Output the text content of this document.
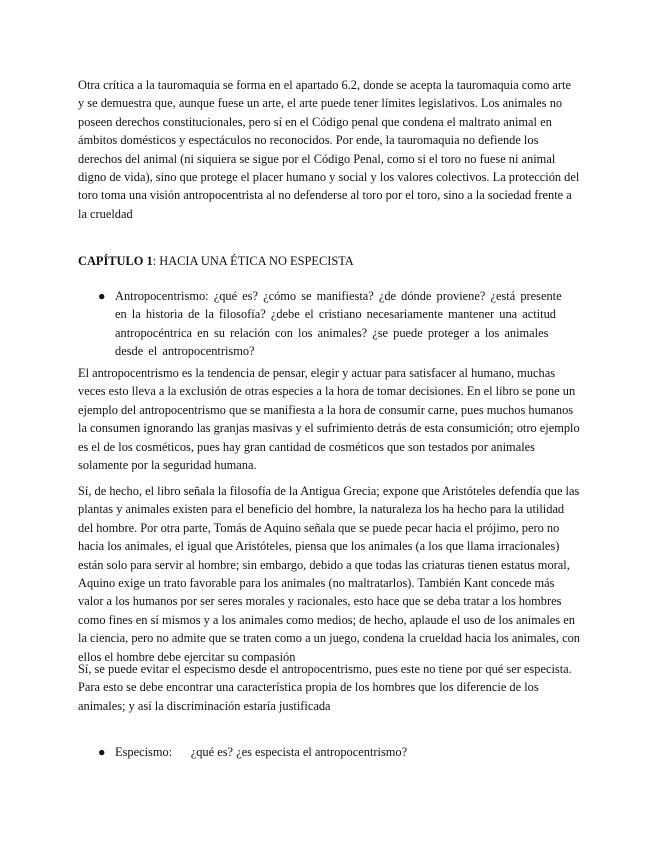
Otra crítica a la tauromaquia se forma en el apartado 6.2, donde se acepta la tauromaquia como arte y se demuestra que, aunque fuese un arte, el arte puede tener límites legislativos. Los animales no poseen derechos constitucionales, pero sí en el Código penal que condena el maltrato animal en ámbitos domésticos y espectáculos no reconocidos. Por ende, la tauromaquia no defiende los derechos del animal (ni siquiera se sigue por el Código Penal, como si el toro no fuese ni animal digno de vida), sino que protege el placer humano y social y los valores colectivos. La protección del toro toma una visión antropocentrista al no defenderse al toro por el toro, sino a la sociedad frente a la crueldad

CAPÍTULO 1: HACIA UNA ÉTICA NO ESPECISTA
● Antropocentrismo: ¿qué es? ¿cómo se manifiesta? ¿de dónde proviene? ¿está presente en la historia de la filosofía? ¿debe el cristiano necesariamente mantener una actitud antropocéntrica en su relación con los animales? ¿se puede proteger a los animales desde el antropocentrismo?

El antropocentrismo es la tendencia de pensar, elegir y actuar para satisfacer al humano, muchas veces esto lleva a la exclusión de otras especies a la hora de tomar decisiones. En el libro se pone un ejemplo del antropocentrismo que se manifiesta a la hora de consumir carne, pues muchos humanos la consumen ignorando las granjas masivas y el sufrimiento detrás de esta consumición; otro ejemplo es el de los cosméticos, pues hay gran cantidad de cosméticos que son testados por animales solamente por la seguridad humana.

Sí, de hecho, el libro señala la filosofía de la Antigua Grecia; expone que Aristóteles defendía que las plantas y animales existen para el beneficio del hombre, la naturaleza los ha hecho para la utilidad del hombre. Por otra parte, Tomás de Aquino señala que se puede pecar hacia el prójimo, pero no hacia los animales, el igual que Aristóteles, piensa que los animales (a los que llama irracionales) están solo para servir al hombre; sin embargo, debido a que todas las criaturas tienen estatus moral, Aquino exige un trato favorable para los animales (no maltratarlos). También Kant concede más valor a los humanos por ser seres morales y racionales, esto hace que se deba tratar a los hombres como fines en sí mismos y a los animales como medios; de hecho, aplaude el uso de los animales en la ciencia, pero no admite que se traten como a un juego, condena la crueldad hacia los animales, con ellos el hombre debe ejercitar su compasión

Sí, se puede evitar el especismo desde el antropocentrismo, pues este no tiene por qué ser especista. Para esto se debe encontrar una característica propia de los hombres que los diferencie de los animales; y así la discriminación estaría justificada

● Especismo:      ¿qué es? ¿es especista el antropocentrismo?
